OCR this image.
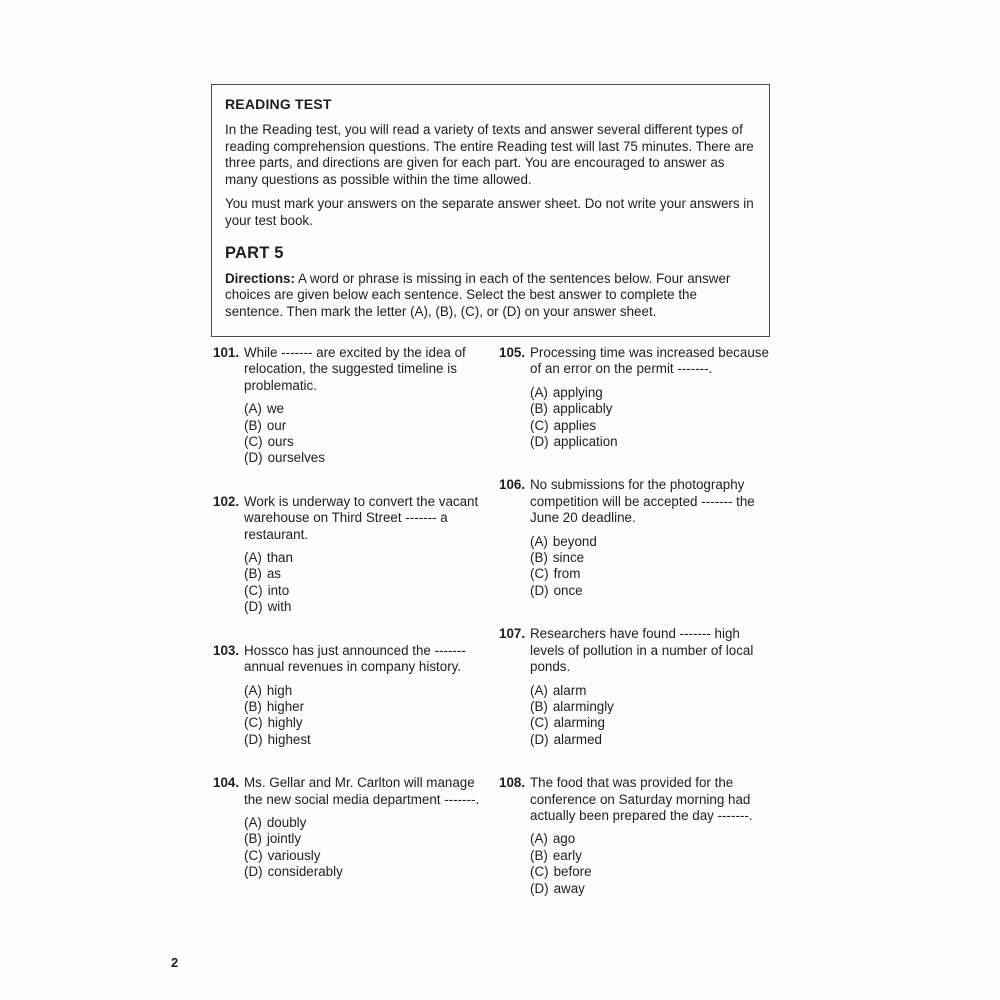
READING TEST

In the Reading test, you will read a variety of texts and answer several different types of reading comprehension questions. The entire Reading test will last 75 minutes. There are three parts, and directions are given for each part. You are encouraged to answer as many questions as possible within the time allowed.

You must mark your answers on the separate answer sheet. Do not write your answers in your test book.

PART 5

Directions: A word or phrase is missing in each of the sentences below. Four answer choices are given below each sentence. Select the best answer to complete the sentence. Then mark the letter (A), (B), (C), or (D) on your answer sheet.

101. While ------- are excited by the idea of relocation, the suggested timeline is problematic.
(A) we
(B) our
(C) ours
(D) ourselves
102. Work is underway to convert the vacant warehouse on Third Street ------- a restaurant.
(A) than
(B) as
(C) into
(D) with
103. Hossco has just announced the ------- annual revenues in company history.
(A) high
(B) higher
(C) highly
(D) highest
104. Ms. Gellar and Mr. Carlton will manage the new social media department -------.
(A) doubly
(B) jointly
(C) variously
(D) considerably
105. Processing time was increased because of an error on the permit -------.
(A) applying
(B) applicably
(C) applies
(D) application
106. No submissions for the photography competition will be accepted ------- the June 20 deadline.
(A) beyond
(B) since
(C) from
(D) once
107. Researchers have found ------- high levels of pollution in a number of local ponds.
(A) alarm
(B) alarmingly
(C) alarming
(D) alarmed
108. The food that was provided for the conference on Saturday morning had actually been prepared the day -------.
(A) ago
(B) early
(C) before
(D) away
2
